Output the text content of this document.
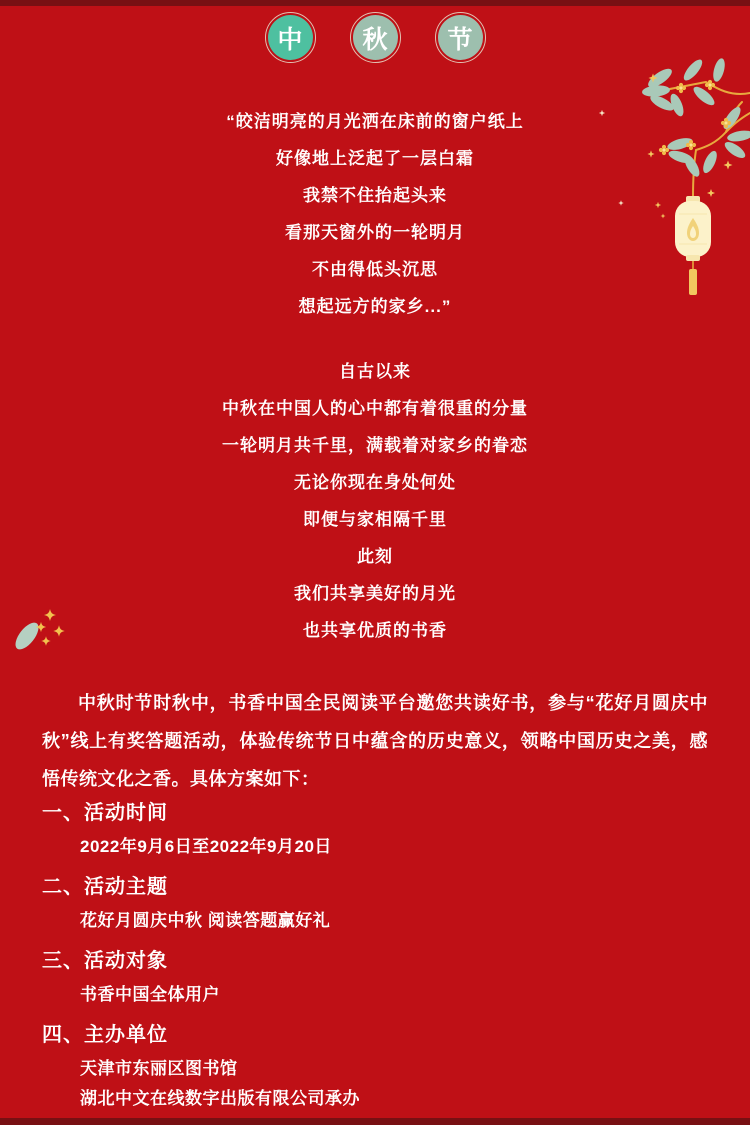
中 秋 节
“皎洁明亮的月光洒在床前的窗户纸上
好像地上泛起了一层白霜
我禁不住抬起头来
看那天窗外的一轮明月
不由得低头沉思
想起远方的家乡...”
自古以来
中秋在中国人的心中都有着很重的分量
一轮明月共千里，满载着对家乡的眷恋
无论你现在身处何处
即便与家相隔千里
此刻
我们共享美好的月光
也共享优质的书香

中秋时节时秋中，书香中国全民阅读平台邀您共读好书，参与“花好月圆庆中秋”线上有奖答题活动，体验传统节日中蕴含的历史意义，领略中国历史之美，感悟传统文化之香。具体方案如下：

一、活动时间
2022年9月6日至2022年9月20日
二、活动主题
花好月圆庆中秋 阅读答题赢好礼
三、活动对象
书香中国全体用户
四、主办单位
天津市东丽区图书馆
湖北中文在线数字出版有限公司承办
